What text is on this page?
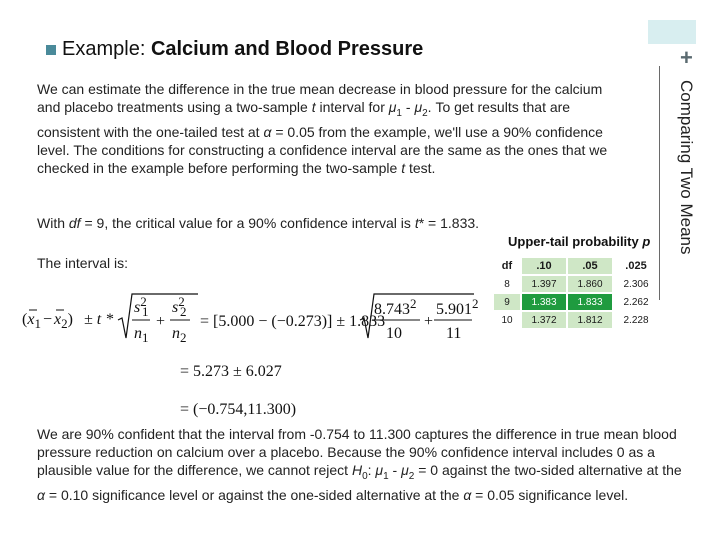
+
Comparing Two Means
Example: Calcium and Blood Pressure
We can estimate the difference in the true mean decrease in blood pressure for the calcium and placebo treatments using a two-sample t interval for $\mu_1 - \mu_2$. To get results that are consistent with the one-tailed test at α = 0.05 from the example, we'll use a 90% confidence level. The conditions for constructing a confidence interval are the same as the ones that we checked in the example before performing the two-sample t test.
With df = 9, the critical value for a 90% confidence interval is t* = 1.833.
The interval is:
$(x_1 - x_2) \pm t$ *
$s^2$
1
$n_1$
+
$s^2$
2
$n_2$
= [5.000 − (−0.273)] ± 1.833
8.743$^2$
10
+
$5.901^2$
11
= 5.273 ± 6.027
= (−0.754,11.300)
Upper-tail probability p
df	.10	.05	.025
8	1.397	1.860	2.306
9	1.383	1.833	2.262
10	1.372	1.812	2.228
We are 90% confident that the interval from -0.754 to 11.300 captures the difference in true mean blood pressure reduction on calcium over a placebo. Because the 90% confidence interval includes 0 as a plausible value for the difference, we cannot reject $H_0$: $\mu_1 - \mu_2 = 0$ against the two-sided alternative at the α = 0.10 significance level or against the one-sided alternative at the α = 0.05 significance level.
